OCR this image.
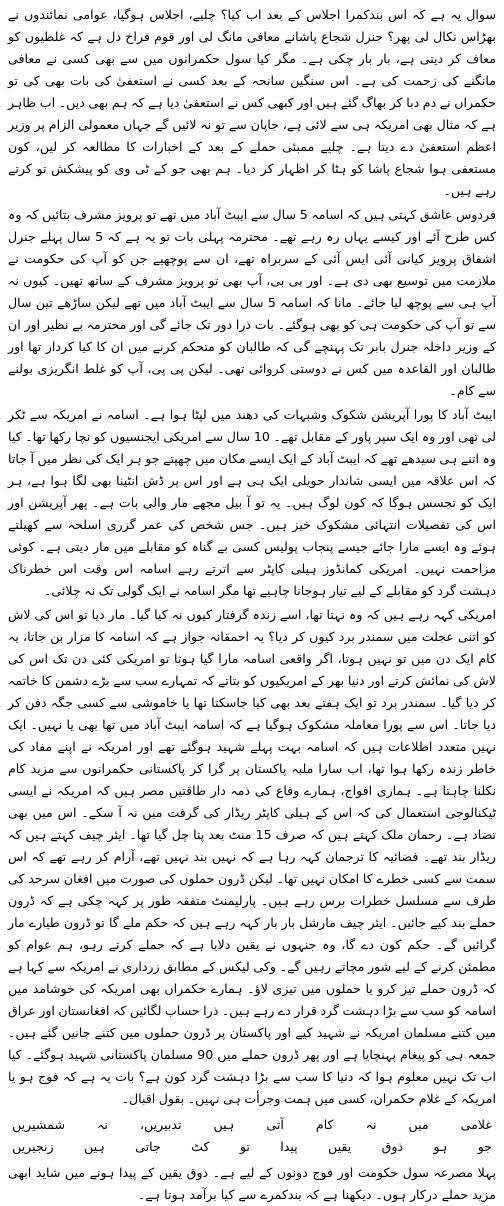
سوال یہ ہے کہ اس بندکمرا اجلاس کے بعد اب کیا؟ چلیے، اجلاس ہوگیا، عوامی نمائندوں نے بھڑاس نکال لی پھر؟ جنرل شجاع پاشانے معافی مانگ لی اور قوم فراخ دل ہے کہ غلطیوں کو معاف کر دیتی ہے، بار بار چکی ہے۔ مگر کیا سول حکمرانوں میں سے بھی کسی نے معافی مانگنے کی زحمت کی ہے۔ اس سنگین سانحہ کے بعد کسی نے استعفیٰ کی بات بھی کی تو حکمراں نے دم دبا کر بھاگ گئے ہیں اور کبھی کس نے استعفیٰ دیا ہے کہ ہم بھی دیں۔ اب ظاہر ہے کہ مثال بھی امریکہ ہی سے لائی ہے، جاپان سے تو نہ لائیں گے جہاں معمولی الزام پر وزیر اعظم استعفیٰ دے دیتا ہے۔ چلیے ممبئی حملے کے بعد کے اخبارات کا مطالعہ کر لیں، کون مستعفی ہوا شجاع پاشا کو ہٹا کر اظہار کر دیا۔ ہم بھی جو کے ٹی وی کو پیشکش تو کرتے رہے ہیں۔

فردوس عاشق کہتی ہیں کہ اسامہ 5 سال سے ایبٹ آباد میں تھے تو پرویز مشرف بتائیں کہ وہ کس طرح آئے اور کیسے یہاں رہ رہے تھے۔ محترمہ پہلی بات تو یہ ہے کہ 5 سال پہلے جنرل اشفاق پرویز کیانی آئی ایس آئی کے سربراہ تھے، ان سے پوچھیے جن کو آپ کی حکومت نے ملازمت میں توسیع بھی دی ہے۔ اور بی بی، آپ بھی تو پرویز مشرف کے ساتھ تھیں۔ کیوں نہ آپ ہی سے پوچھ لیا جائے۔ مانا کہ اسامہ 5 سال سے ایبٹ آباد میں تھے لیکن ساڑھے تین سال سے تو آپ کی حکومت ہی کو بھی ہوگئے۔ بات ذرا دور تک جائے گی اور محترمہ بے نظیر اور ان کے وزیر داخلہ جنرل بابر تک پہنچے گی کہ طالبان کو متحکم کرنے میں ان کا کیا کردار تھا اور طالبان اور القاعدہ میں کس نے دوستی کروائی تھی۔ لیکن پی پی، آپ کو غلط انگریزی بولنے سے کام۔

ایبٹ آباد کا پورا آپریشن شکوک وشبہات کی دھند میں لپٹا ہوا ہے۔ اسامہ نے امریکہ سے ٹکر لی تھی اور وہ ایک سپر پاور کے مقابل تھے۔ 10 سال سے امریکی ایجنسیوں کو نچا رکھا تھا۔ کیا وہ اتنے ہی سیدھے تھے کہ ایبٹ آباد کے ایک ایسے مکان میں چھپتے جو ہر ایک کی نظر میں آ جاتا کہ اس علاقہ میں ایسی شاندار حویلی ایک ہی ہے اور اس پر ڈش انٹینا بھی لگا ہوا ہے، ہر ایک کو تجسس ہوگا کہ کون لوگ ہیں۔ یہ تو آ بیل مجھے مار والی بات ہے۔ پھر آپریشن اور اس کی تفصیلات انتہائی مشکوک خیز ہیں۔ جس شخص کی عمر گزری اسلحہ سے کھیلتے ہوئے وہ ایسے مارا جائے جیسے پنجاب پولیس کسی بے گناہ کو مقابلے میں مار دیتی ہے۔ کوئی مزاحمت نہیں۔ امریکی کمانڈوز ہیلی کاپٹر سے اترتے رہے اسامہ اس وقت اس خطرناک دہشت گرد کو مقابلے کے لیے تیار ہوجانا چاہیے تھا مگر اسامہ نے ایک گولی تک نہ چلائی۔

امریکی کہہ رہے ہیں کہ وہ نہتا تھا، اسے زندہ گرفتار کیوں نہ کیا گیا۔ مار دیا تو اس کی لاش کو اتنی عجلت میں سمندر برد کیوں کر دیا؟ یہ احمقانہ جواز ہے کہ اسامہ کا مزار بن جاتا، یہ کام ایک دن میں تو نہیں ہوتا، اگر واقعی اسامہ مارا گیا ہوتا تو امریکی کئی دن تک اس کی لاش کی نمائش کرتے اور دنیا بھر کے امریکیوں کو بتاتے کہ تمہارے سب سے بڑے دشمن کا خاتمہ کر دیا گیا۔ سمندر برد تو ایک ہفتے بعد بھی کیا جاسکتا تھا یا خاموشی سے کسی جگہ دفن کر دیا جاتا۔ اس سے پورا معاملہ مشکوک ہوگیا ہے کہ اسامہ ایبٹ آباد میں تھا بھی یا نہیں۔ ایک نہیں متعدد اطلاعات ہیں کہ اسامہ بہت پہلے شہید ہوگئے تھے اور امریکہ نے اپنے مفاد کی خاطر زندہ رکھا ہوا تھا، اب سارا ملبہ پاکستان پر گرا کر پاکستانی حکمرانوں سے مزید کام نکلنا چاہتا ہے۔ ہماری افواج، ہمارے وفاع کی ذمہ دار طاقتیں مصر ہیں کہ امریکہ نے ایسی ٹیکنالوجی استعمال کی کہ اس کے ہیلی کاپٹر ریڈار کی گرفت میں نہ آ سکے۔ اس میں بھی تضاد ہے۔ رحمان ملک کہتے ہیں کہ صرف 15 منٹ بعد پتا چل گیا تھا۔ ایئر چیف کہتے ہیں کہ ریڈار بند تھے۔ فضائیہ کا ترجمان کہہ رہا ہے کہ نہیں بند نہیں تھے، آرام کر رہے تھے کہ اس سمت سے کسی خطرے کا امکان نہیں تھا۔ لیکن ڈرون حملوں کی صورت میں افغان سرحد کی طرف سے مسلسل خطرات برس رہے ہیں۔ پارلیمنٹ متفقہ طور پر کہہ چکی ہے کہ ڈرون حملے بند کیے جائیں۔ ایئر چیف مارشل بار بار کہہ رہے ہیں کہ حکم ملے گا تو ڈرون طیارے مار گرائیں گے۔ حکم کون دے گا، وہ جنہوں نے یقین دلایا ہے کہ حملے کرتے رہو، ہم عوام کو مطمئن کرنے کے لیے شور مچاتے رہیں گے۔ وکی لیکس کے مطابق زرداری نے امریکہ سے کہا ہے کہ ڈرون حملے تیز کرو یا حملوں میں تیزی لاؤ۔ ہمارے حکمراں بھی امریکہ کی خوشامد میں اسامہ کو سب سے بڑا دہشت گرد قرار دے رہے ہیں۔ ذرا حساب لگائیں کہ افغانستان اور عراق میں کتنے مسلمان امریکہ نے شہید کیے اور پاکستان پر ڈرون حملوں میں کتنے جانیں گئے ہیں۔ جمعہ ہی کو پیغام پہنچایا ہے اور پھر ڈرون حملے میں 90 مسلمان پاکستانی شہید ہوگئے۔ کیا اب تک نہیں معلوم ہوا کہ دنیا کا سب سے بڑا دہشت گرد کون ہے؟ بات یہ ہے کہ فوج ہو یا امریکہ کے غلام حکمران، کسی میں ہمت وجرأت ہی نہیں۔ بقول اقبال۔

غلامی
میں
نہ
کام
آتی
ہیں
تدبیریں،
نہ
شمشیریں
جو
ہو
ذوق
یقیں
پیدا
تو
کٹ
جاتی
ہیں
زنجیریں

پہلا مصرعہ سول حکومت اور فوج دونوں کے لیے ہے۔ ذوق یقین کے پیدا ہونے میں شاید ابھی مزید حملے درکار ہوں۔ دیکھنا ہے کہ بندکمرے سے کیا برآمد ہوتا ہے۔
